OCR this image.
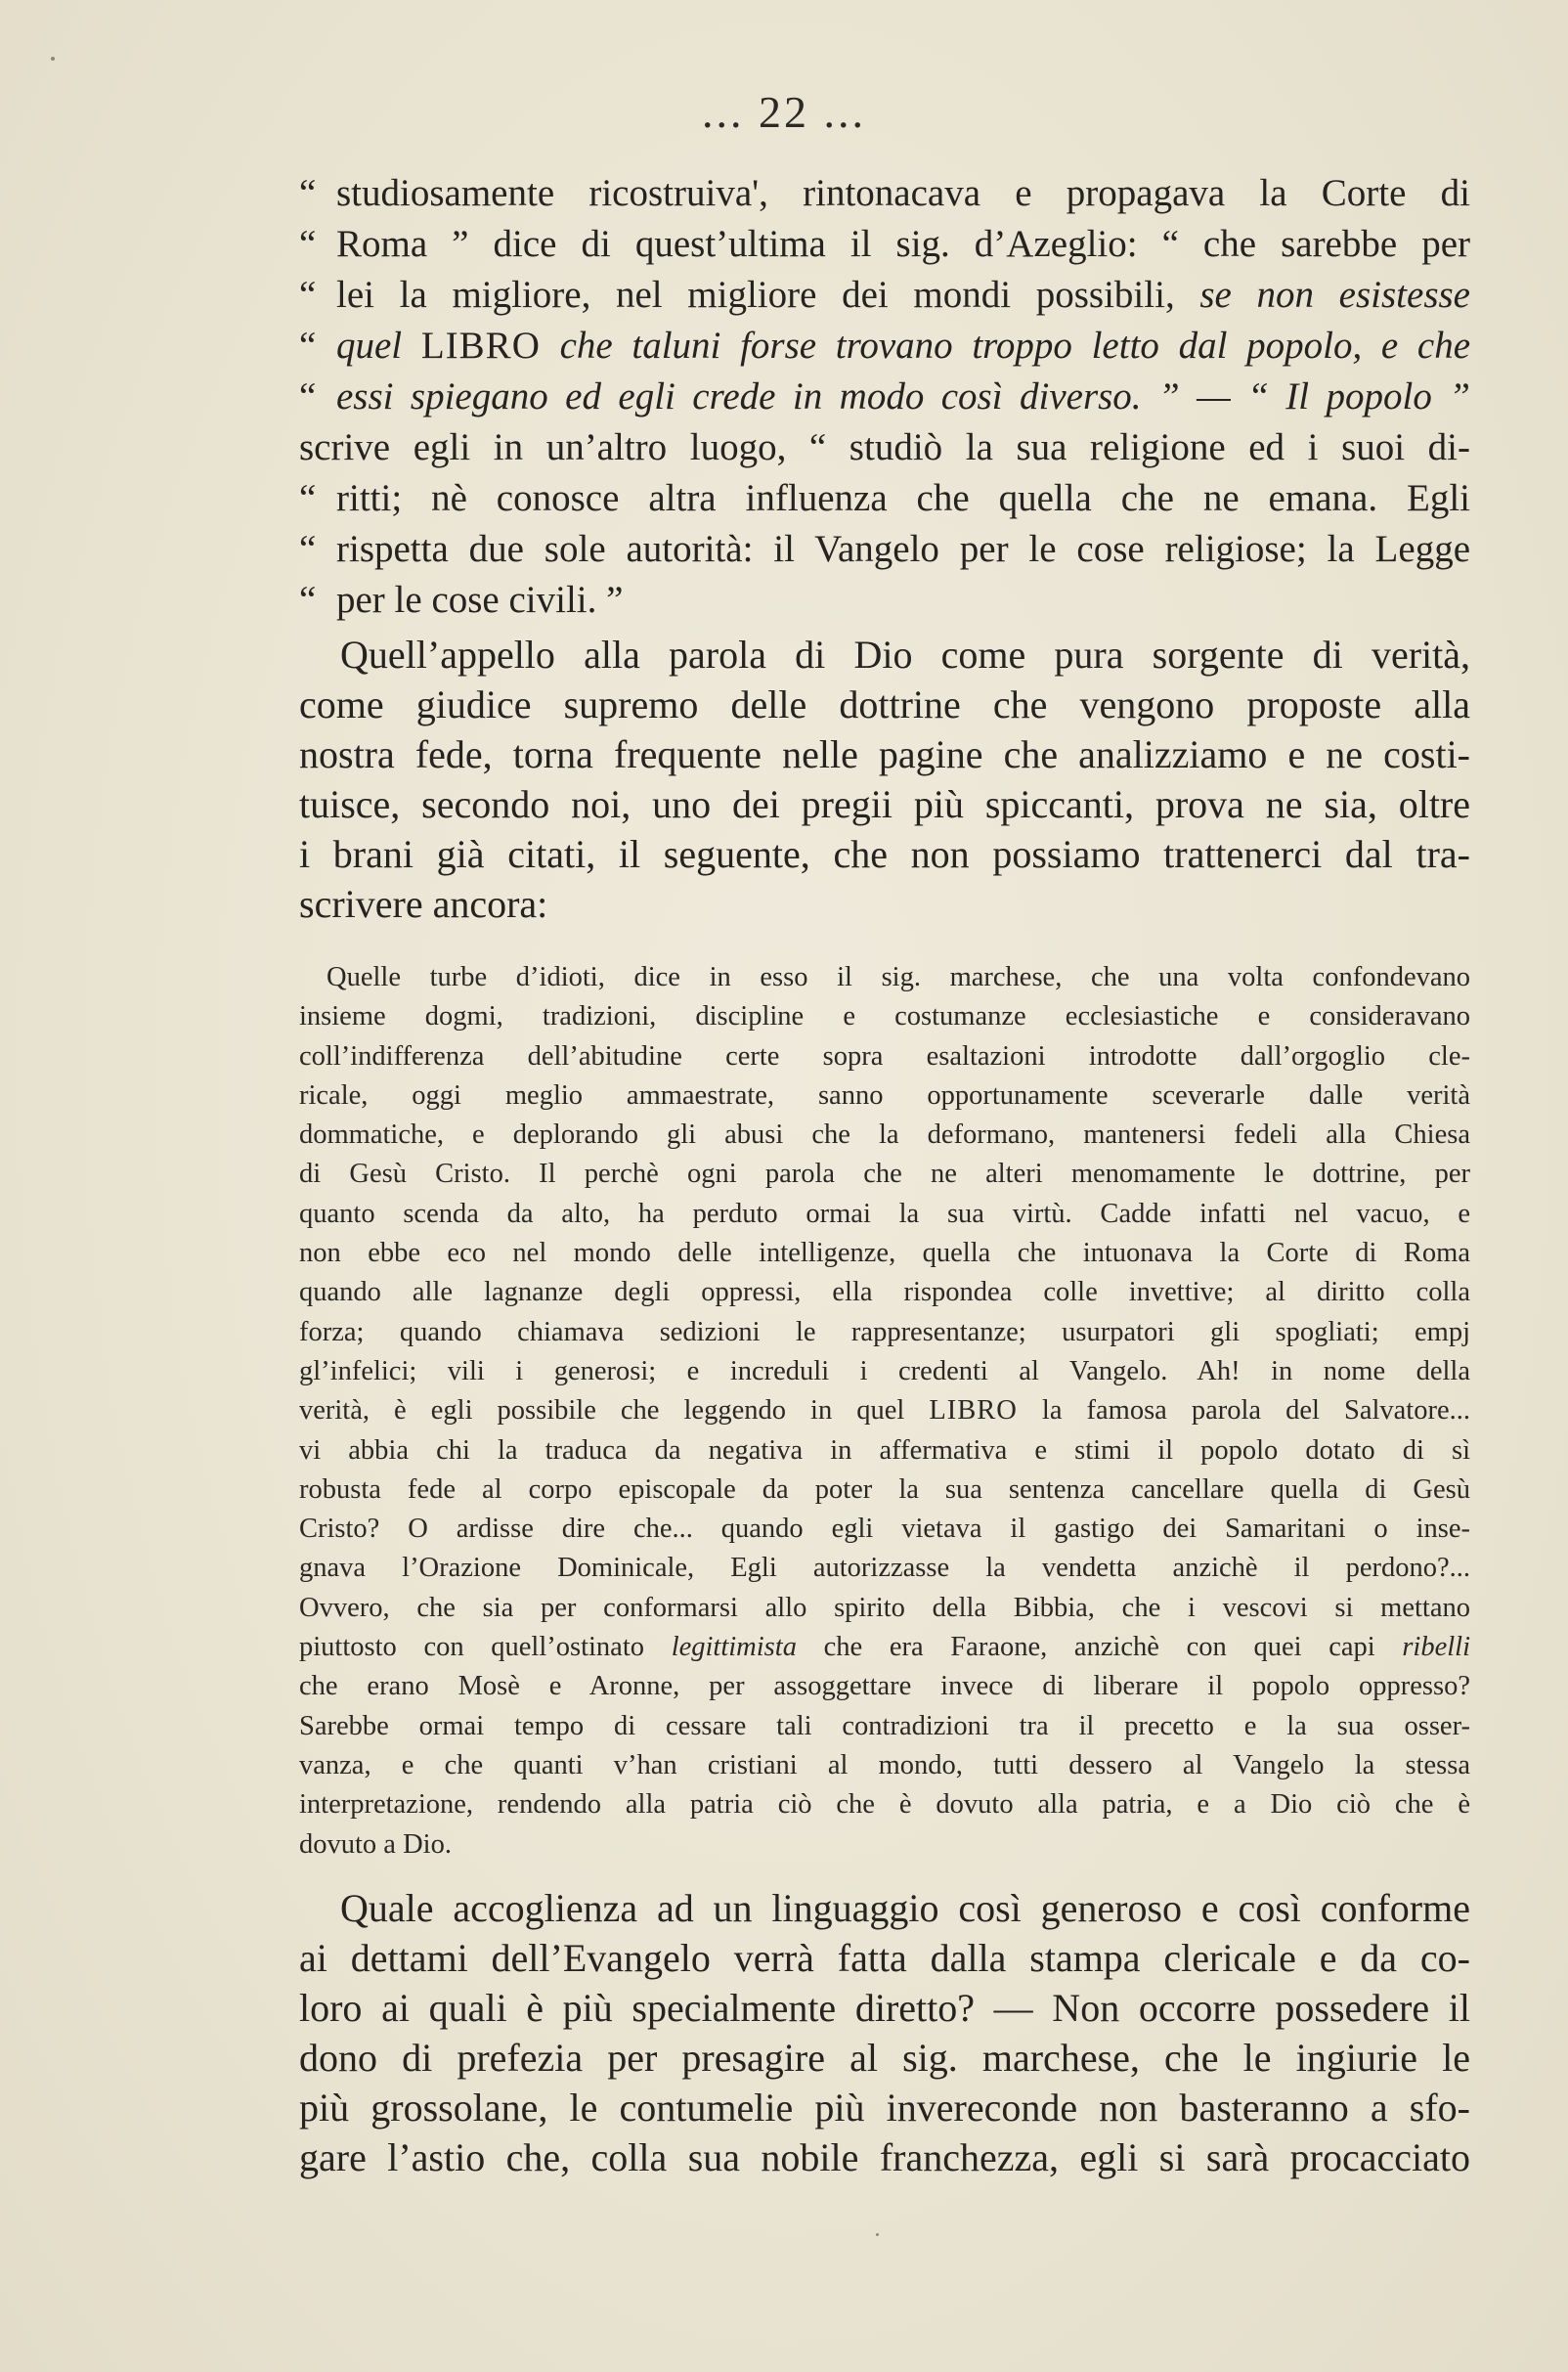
... 22 ...
“ studiosamente ricostruiva', rintonacava e propagava la Corte di
“ Roma ” dice di quest’ultima il sig. d’Azeglio: “ che sarebbe per
“ lei la migliore, nel migliore dei mondi possibili, se non esistesse
“ quel LIBRO che taluni forse trovano troppo letto dal popolo, e che
“ essi spiegano ed egli crede in modo così diverso. ” — “ Il popolo ”
scrive egli in un’altro luogo, “ studiò la sua religione ed i suoi di-
“ ritti; nè conosce altra influenza che quella che ne emana. Egli
“ rispetta due sole autorità: il Vangelo per le cose religiose; la Legge
“ per le cose civili. ”
Quell’appello alla parola di Dio come pura sorgente di verità,
come giudice supremo delle dottrine che vengono proposte alla
nostra fede, torna frequente nelle pagine che analizziamo e ne costi-
tuisce, secondo noi, uno dei pregii più spiccanti, prova ne sia, oltre
i brani già citati, il seguente, che non possiamo trattenerci dal tra-
scrivere ancora:
Quelle turbe d’idioti, dice in esso il sig. marchese, che una volta confondevano
insieme dogmi, tradizioni, discipline e costumanze ecclesiastiche e consideravano
coll’indifferenza dell’abitudine certe sopra esaltazioni introdotte dall’orgoglio cle-
ricale, oggi meglio ammaestrate, sanno opportunamente sceverarle dalle verità
dommatiche, e deplorando gli abusi che la deformano, mantenersi fedeli alla Chiesa
di Gesù Cristo. Il perchè ogni parola che ne alteri menomamente le dottrine, per
quanto scenda da alto, ha perduto ormai la sua virtù. Cadde infatti nel vacuo, e
non ebbe eco nel mondo delle intelligenze, quella che intuonava la Corte di Roma
quando alle lagnanze degli oppressi, ella rispondea colle invettive; al diritto colla
forza; quando chiamava sedizioni le rappresentanze; usurpatori gli spogliati; empj
gl’infelici; vili i generosi; e increduli i credenti al Vangelo. Ah! in nome della
verità, è egli possibile che leggendo in quel LIBRO la famosa parola del Salvatore...
vi abbia chi la traduca da negativa in affermativa e stimi il popolo dotato di sì
robusta fede al corpo episcopale da poter la sua sentenza cancellare quella di Gesù
Cristo? O ardisse dire che... quando egli vietava il gastigo dei Samaritani o inse-
gnava l’Orazione Dominicale, Egli autorizzasse la vendetta anzichè il perdono?...
Ovvero, che sia per conformarsi allo spirito della Bibbia, che i vescovi si mettano
piuttosto con quell’ostinato legittimista che era Faraone, anzichè con quei capi ribelli
che erano Mosè e Aronne, per assoggettare invece di liberare il popolo oppresso?
Sarebbe ormai tempo di cessare tali contradizioni tra il precetto e la sua osser-
vanza, e che quanti v’han cristiani al mondo, tutti dessero al Vangelo la stessa
interpretazione, rendendo alla patria ciò che è dovuto alla patria, e a Dio ciò che è
dovuto a Dio.
Quale accoglienza ad un linguaggio così generoso e così conforme
ai dettami dell’Evangelo verrà fatta dalla stampa clericale e da co-
loro ai quali è più specialmente diretto? — Non occorre possedere il
dono di prefezia per presagire al sig. marchese, che le ingiurie le
più grossolane, le contumelie più invereconde non basteranno a sfo-
gare l’astio che, colla sua nobile franchezza, egli si sarà procacciato
